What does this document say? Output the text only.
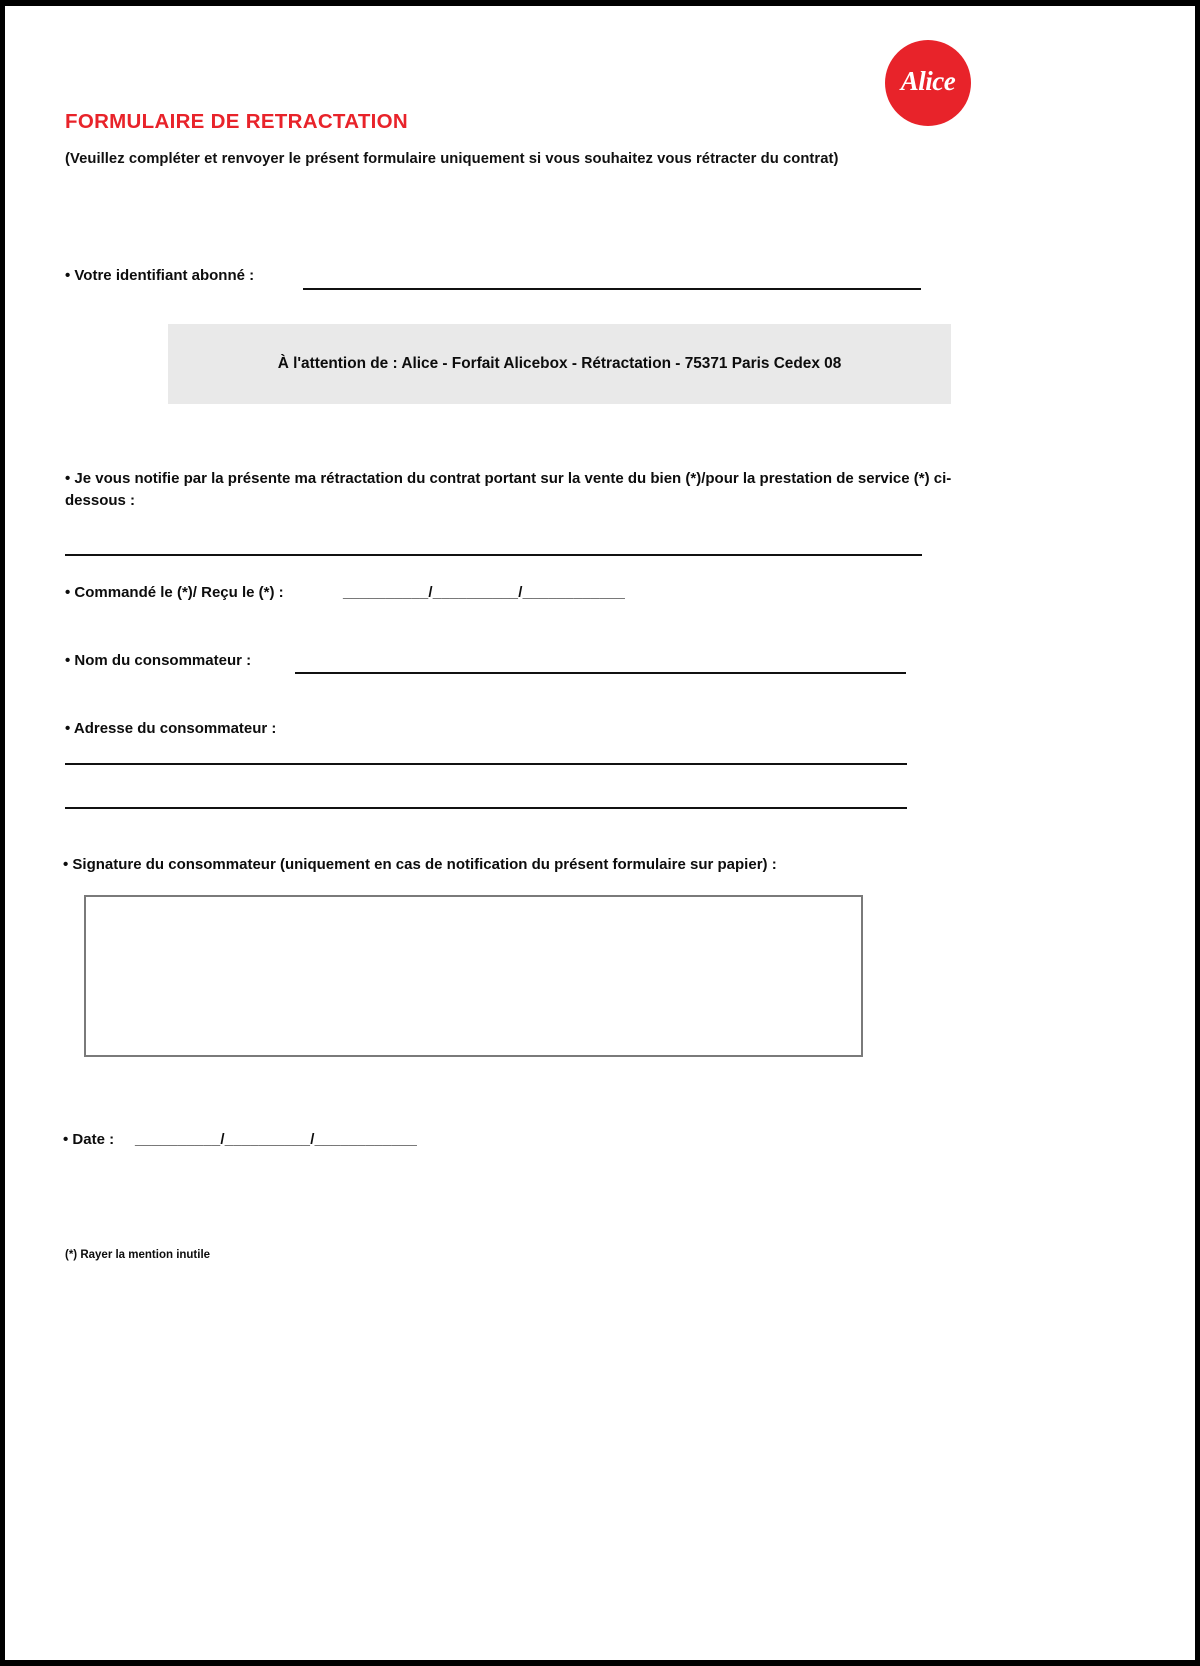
Alice
FORMULAIRE DE RETRACTATION
(Veuillez compléter et renvoyer le présent formulaire uniquement si vous souhaitez vous rétracter du contrat)
• Votre identifiant abonné :
À l'attention de : Alice - Forfait Alicebox - Rétractation - 75371 Paris Cedex 08
• Je vous notifie par la présente ma rétractation du contrat portant sur la vente du bien (*)/pour la prestation de service (*) ci-dessous :
• Commandé le (*)/ Reçu le (*) :	__________/__________/____________
• Nom du consommateur :
• Adresse du consommateur :
• Signature du consommateur (uniquement en cas de notification du présent formulaire sur papier) :
• Date : __________/__________/____________
(*) Rayer la mention inutile
